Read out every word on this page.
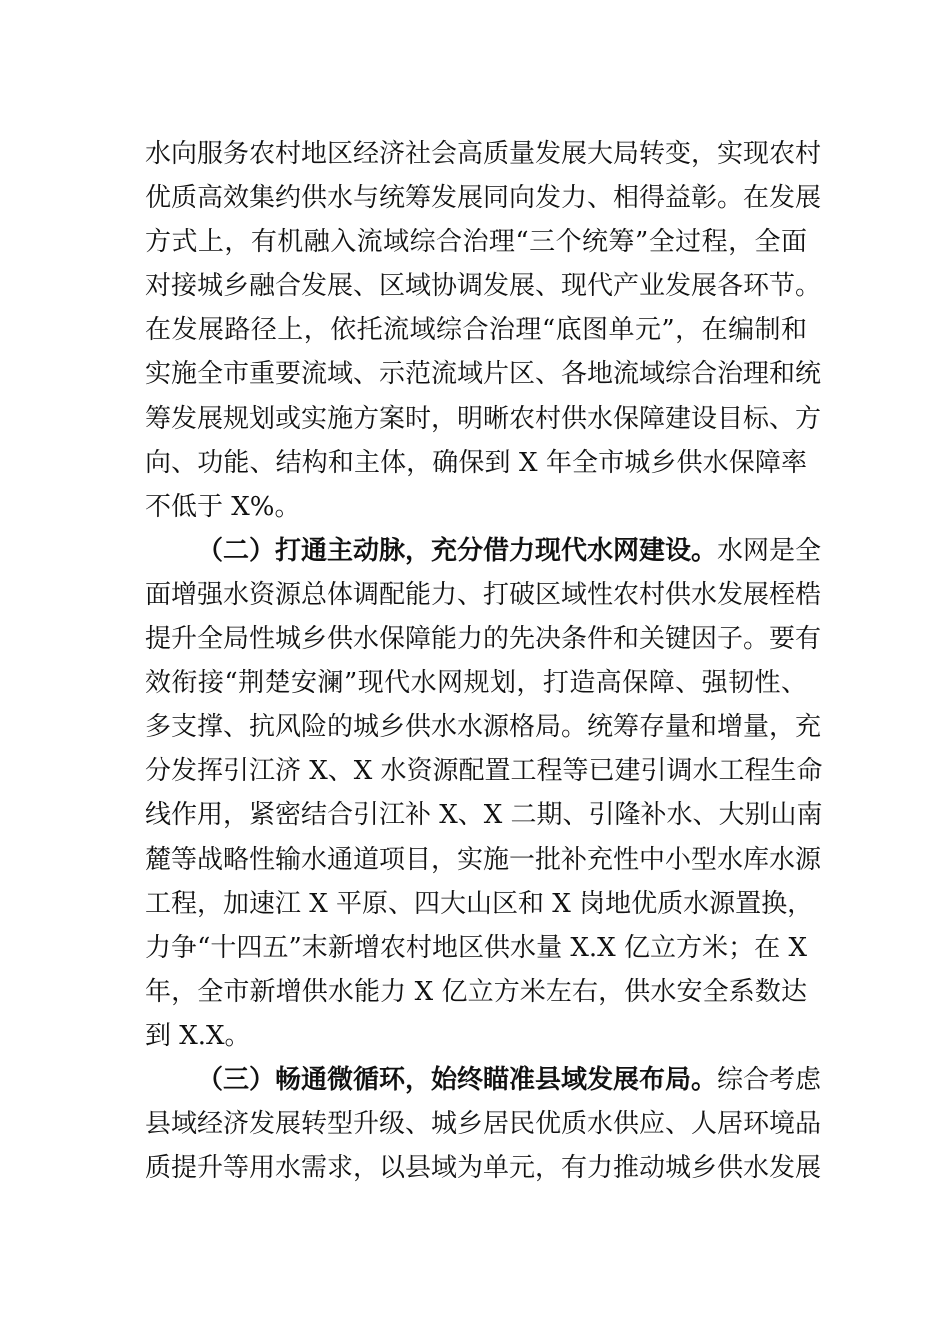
水向服务农村地区经济社会高质量发展大局转变，实现农村
优质高效集约供水与统筹发展同向发力、相得益彰。在发展
方式上，有机融入流域综合治理“三个统筹”全过程，全面
对接城乡融合发展、区域协调发展、现代产业发展各环节。
在发展路径上，依托流域综合治理“底图单元”，在编制和
实施全市重要流域、示范流域片区、各地流域综合治理和统
筹发展规划或实施方案时，明晰农村供水保障建设目标、方
向、功能、结构和主体，确保到 X 年全市城乡供水保障率
不低于 X%。
（二）打通主动脉，充分借力现代水网建设。水网是全
面增强水资源总体调配能力、打破区域性农村供水发展桎梏
提升全局性城乡供水保障能力的先决条件和关键因子。要有
效衔接“荆楚安澜”现代水网规划，打造高保障、强韧性、
多支撑、抗风险的城乡供水水源格局。统筹存量和增量，充
分发挥引江济 X、X 水资源配置工程等已建引调水工程生命
线作用，紧密结合引江补 X、X 二期、引隆补水、大别山南
麓等战略性输水通道项目，实施一批补充性中小型水库水源
工程，加速江 X 平原、四大山区和 X 岗地优质水源置换，
力争“十四五”末新增农村地区供水量 X.X 亿立方米；在 X
年，全市新增供水能力 X 亿立方米左右，供水安全系数达
到 X.X。
（三）畅通微循环，始终瞄准县域发展布局。综合考虑
县域经济发展转型升级、城乡居民优质水供应、人居环境品
质提升等用水需求，以县域为单元，有力推动城乡供水发展
